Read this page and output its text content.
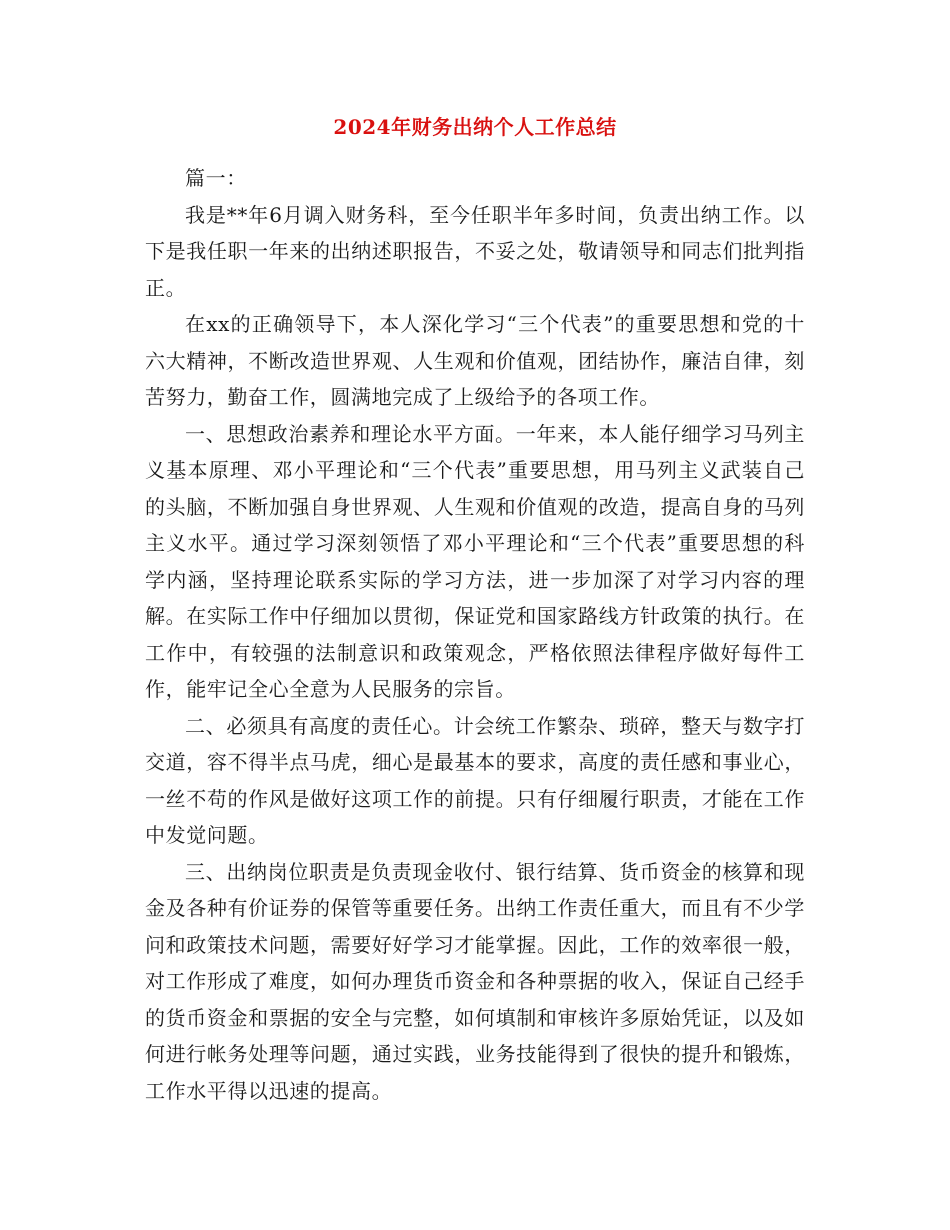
2024年财务出纳个人工作总结

篇一：

我是**年6月调入财务科，至今任职半年多时间，负责出纳工作。以下是我任职一年来的出纳述职报告，不妥之处，敬请领导和同志们批判指正。

在xx的正确领导下，本人深化学习“三个代表”的重要思想和党的十六大精神，不断改造世界观、人生观和价值观，团结协作，廉洁自律，刻苦努力，勤奋工作，圆满地完成了上级给予的各项工作。

一、思想政治素养和理论水平方面。一年来，本人能仔细学习马列主义基本原理、邓小平理论和“三个代表”重要思想，用马列主义武装自己的头脑，不断加强自身世界观、人生观和价值观的改造，提高自身的马列主义水平。通过学习深刻领悟了邓小平理论和“三个代表”重要思想的科学内涵，坚持理论联系实际的学习方法，进一步加深了对学习内容的理解。在实际工作中仔细加以贯彻，保证党和国家路线方针政策的执行。在工作中，有较强的法制意识和政策观念，严格依照法律程序做好每件工作，能牢记全心全意为人民服务的宗旨。

二、必须具有高度的责任心。计会统工作繁杂、琐碎，整天与数字打交道，容不得半点马虎，细心是最基本的要求，高度的责任感和事业心，一丝不苟的作风是做好这项工作的前提。只有仔细履行职责，才能在工作中发觉问题。

三、出纳岗位职责是负责现金收付、银行结算、货币资金的核算和现金及各种有价证券的保管等重要任务。出纳工作责任重大，而且有不少学问和政策技术问题，需要好好学习才能掌握。因此，工作的效率很一般，对工作形成了难度，如何办理货币资金和各种票据的收入，保证自己经手的货币资金和票据的安全与完整，如何填制和审核许多原始凭证，以及如何进行帐务处理等问题，通过实践，业务技能得到了很快的提升和锻炼，工作水平得以迅速的提高。
